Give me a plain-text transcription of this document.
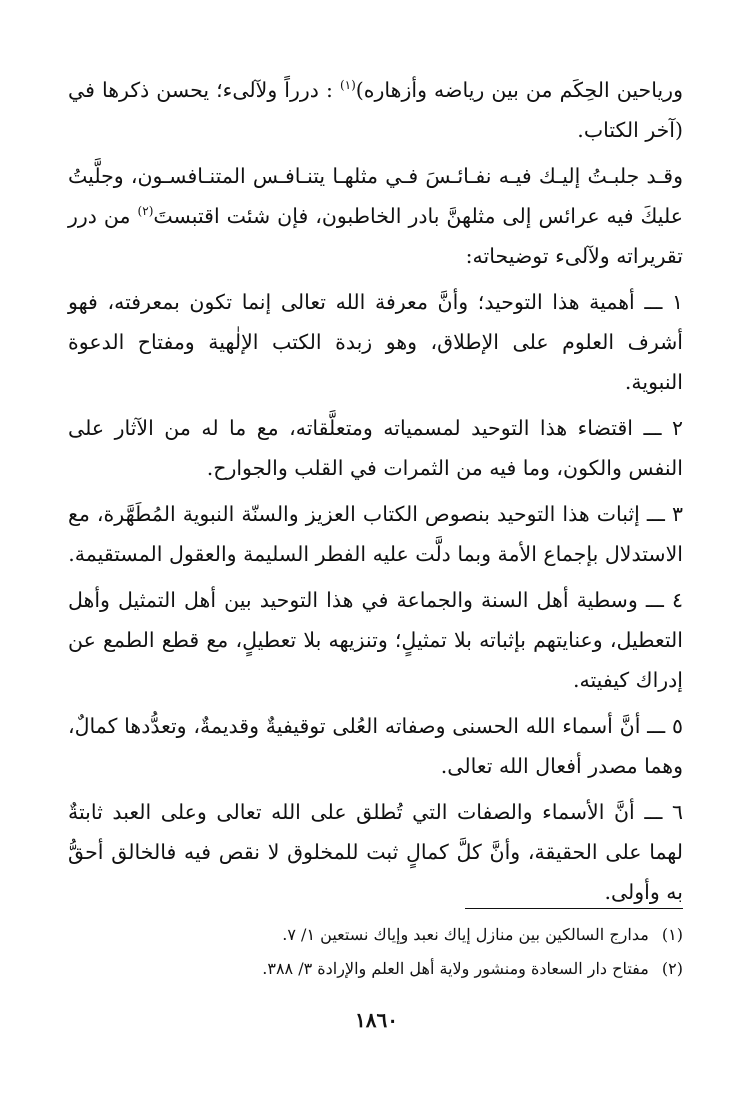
ورياحين الحِكَم من بين رياضه وأزهاره)$^{(١)}$ : درراً ولآلىء؛ يحسن ذكرها في (آخر الكتاب.

وقـد جلبـتُ إليـك فيـه نفـائـسَ فـي مثلهـا يتنـافـس المتنـافسـون، وجلَّيتُ عليكَ فيه عرائس إلى مثلهنَّ بادر الخاطبون، فإن شئت اقتبستَ$^{(٢)}$ من درر تقريراته ولآلىء توضيحاته:

١ ـــ أهمية هذا التوحيد؛ وأنَّ معرفة الله تعالى إنما تكون بمعرفته، فهو أشرف العلوم على الإطلاق، وهو زبدة الكتب الإلٰهية ومفتاح الدعوة النبوية.

٢ ـــ اقتضاء هذا التوحيد لمسمياته ومتعلَّقاته، مع ما له من الآثار على النفس والكون، وما فيه من الثمرات في القلب والجوارح.

٣ ـــ إثبات هذا التوحيد بنصوص الكتاب العزيز والسنّة النبوية المُطَهَّرة، مع الاستدلال بإجماع الأمة وبما دلَّت عليه الفطر السليمة والعقول المستقيمة.

٤ ـــ وسطية أهل السنة والجماعة في هذا التوحيد بين أهل التمثيل وأهل التعطيل، وعنايتهم بإثباته بلا تمثيلٍ؛ وتنزيهه بلا تعطيلٍ، مع قطع الطمع عن إدراك كيفيته.

٥ ـــ أنَّ أسماء الله الحسنى وصفاته العُلى توقيفيةٌ وقديمةٌ، وتعدُّدها كمالٌ، وهما مصدر أفعال الله تعالى.

٦ ـــ أنَّ الأسماء والصفات التي تُطلق على الله تعالى وعلى العبد ثابتةٌ لهما على الحقيقة، وأنَّ كلَّ كمالٍ ثبت للمخلوق لا نقص فيه فالخالق أحقُّ به وأولى.

(١) مدارج السالكين بين منازل إياك نعبد وإياك نستعين ١/ ٧.

(٢) مفتاح دار السعادة ومنشور ولاية أهل العلم والإرادة ٣/ ٣٨٨.

١٨٦٠
